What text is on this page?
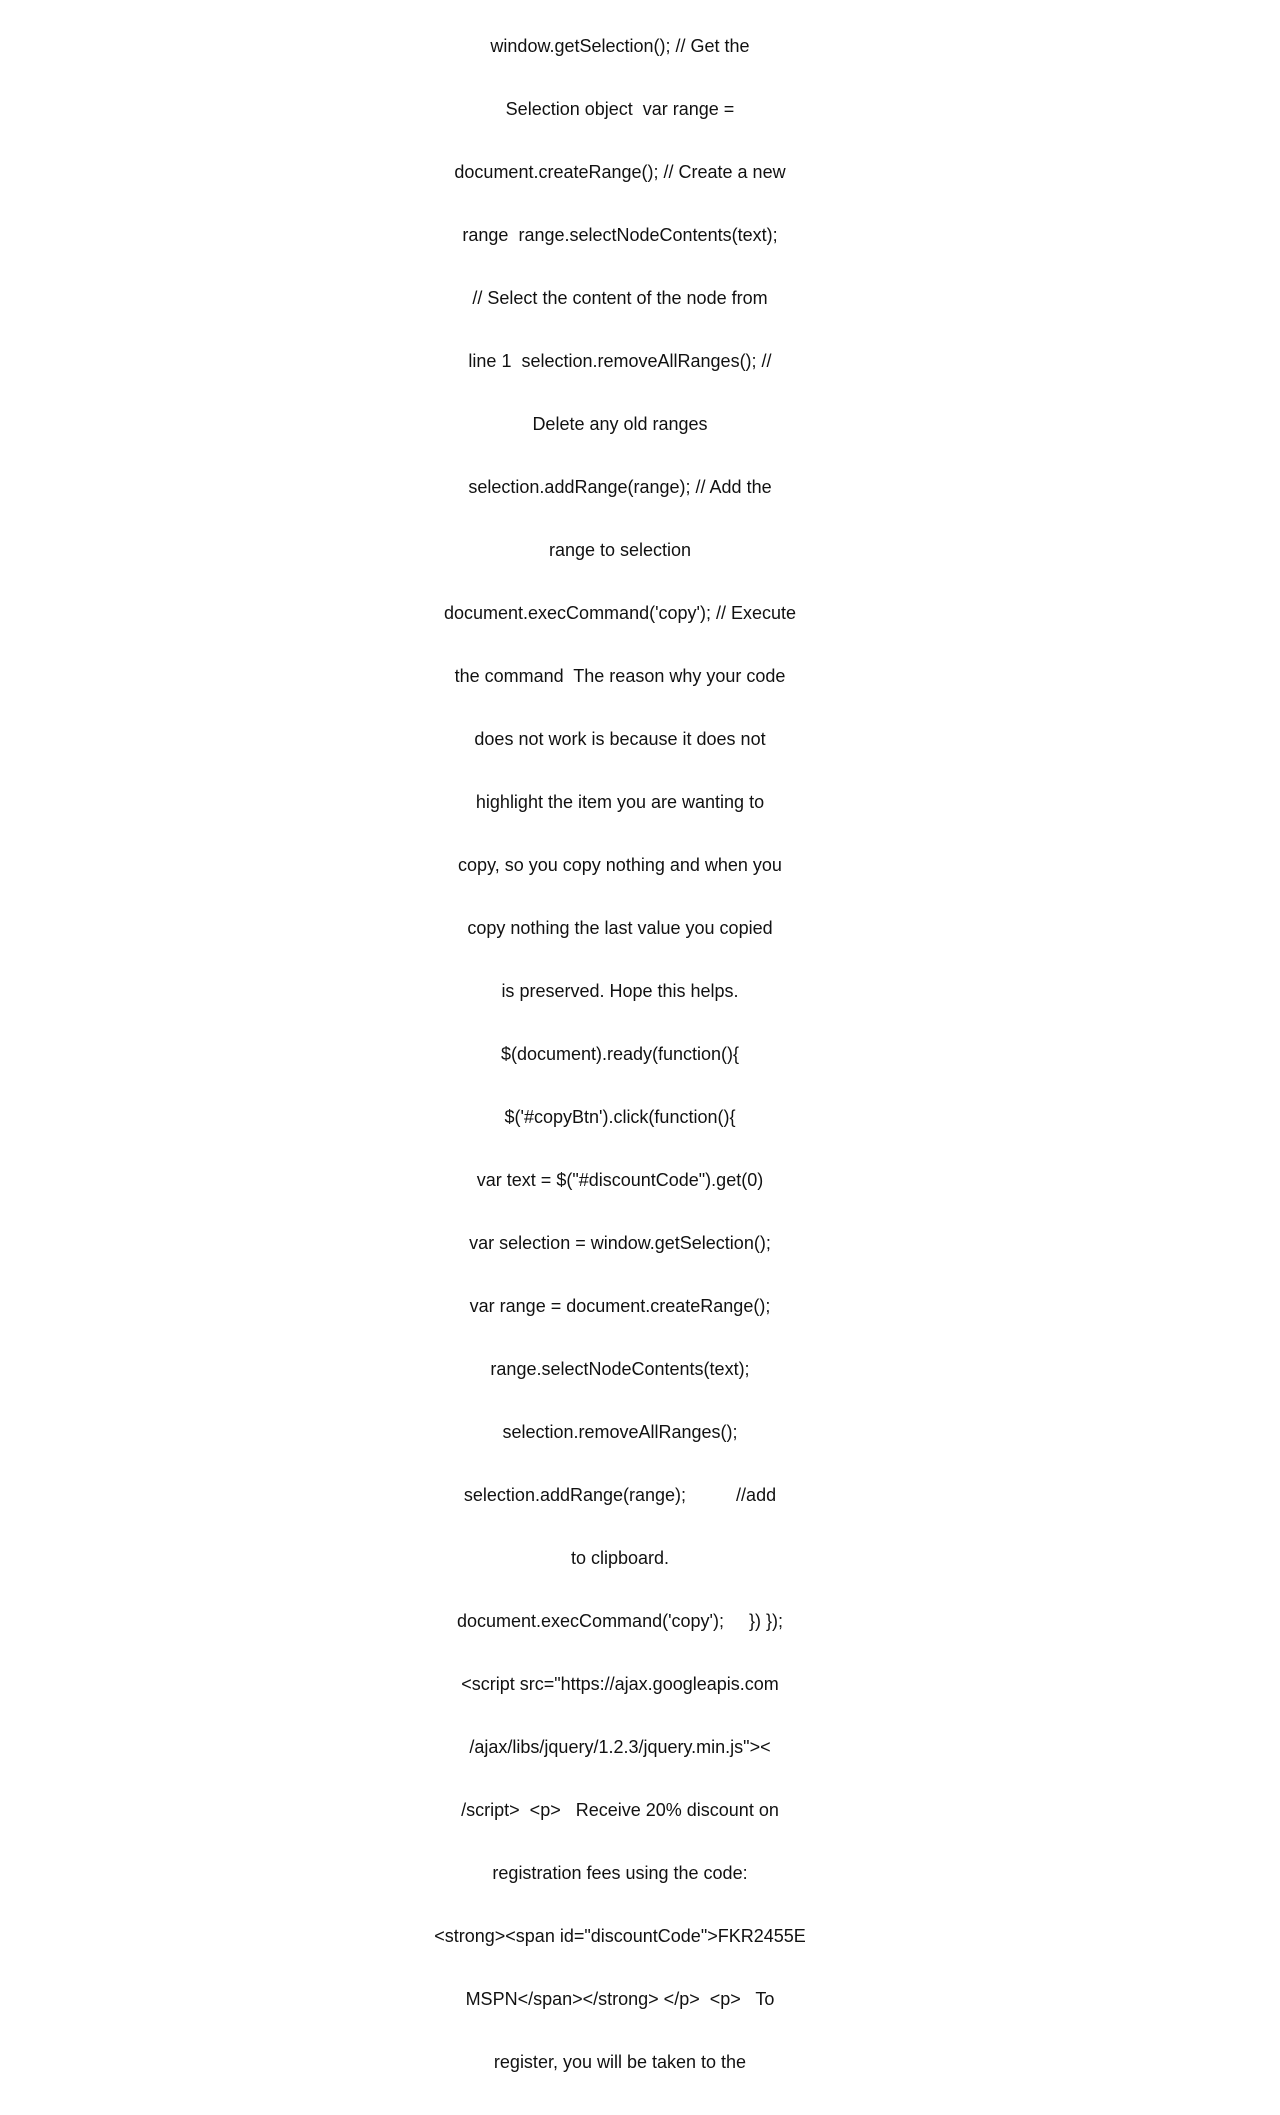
window.getSelection(); // Get the

Selection object  var range =

document.createRange(); // Create a new

range  range.selectNodeContents(text);

// Select the content of the node from

line 1  selection.removeAllRanges(); //

Delete any old ranges

selection.addRange(range); // Add the

range to selection

document.execCommand('copy'); // Execute

the command  The reason why your code

does not work is because it does not

highlight the item you are wanting to

copy, so you copy nothing and when you

copy nothing the last value you copied

is preserved. Hope this helps.

$(document).ready(function(){

$('#copyBtn').click(function(){

var text = $("#discountCode").get(0)

var selection = window.getSelection();

var range = document.createRange();

range.selectNodeContents(text);

selection.removeAllRanges();

selection.addRange(range);          //add

to clipboard.

document.execCommand('copy');     }) });

<script src="https://ajax.googleapis.com

/ajax/libs/jquery/1.2.3/jquery.min.js"><

/script>  <p>   Receive 20% discount on

registration fees using the code:

<strong><span id="discountCode">FKR2455E

MSPN</span></strong> </p>  <p>   To

register, you will be taken to the
